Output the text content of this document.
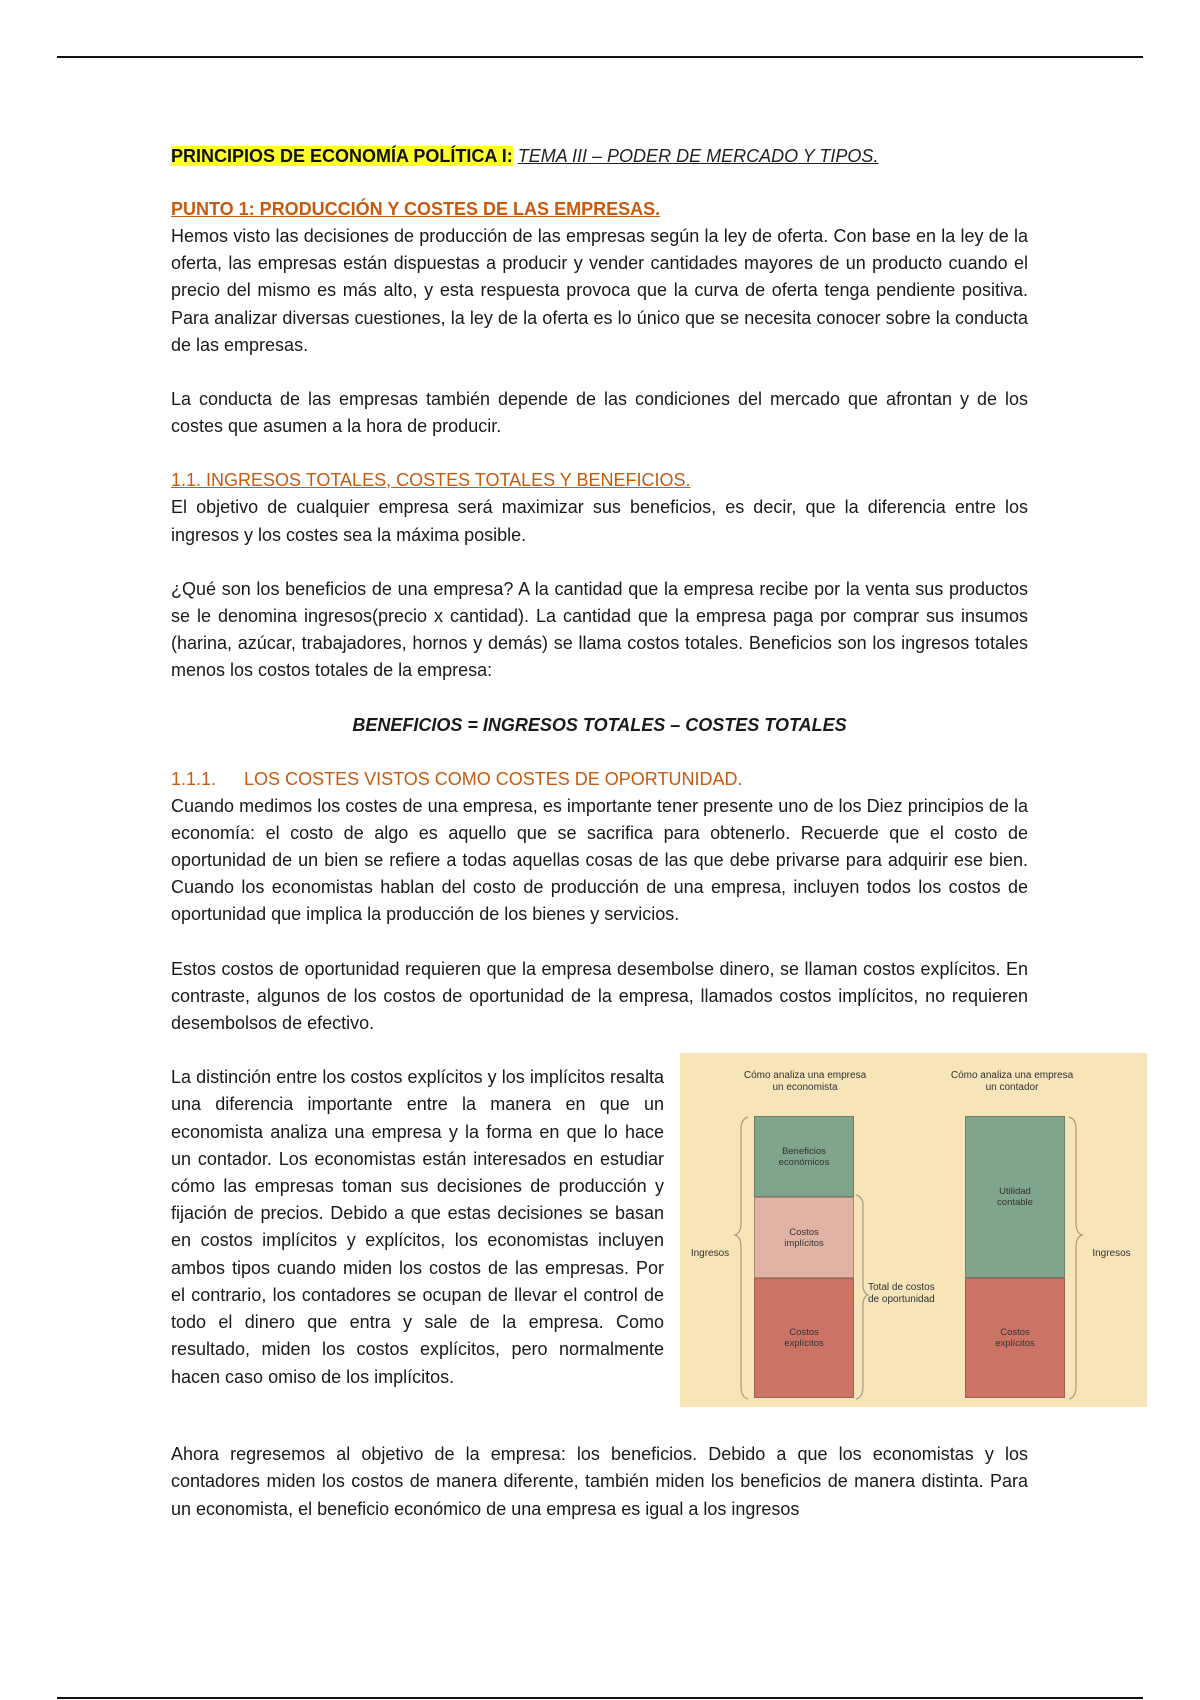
PRINCIPIOS DE ECONOMÍA POLÍTICA I: TEMA III – PODER DE MERCADO Y TIPOS.

PUNTO 1: PRODUCCIÓN Y COSTES DE LAS EMPRESAS.

Hemos visto las decisiones de producción de las empresas según la ley de oferta. Con base en la ley de la oferta, las empresas están dispuestas a producir y vender cantidades mayores de un producto cuando el precio del mismo es más alto, y esta respuesta provoca que la curva de oferta tenga pendiente positiva. Para analizar diversas cuestiones, la ley de la oferta es lo único que se necesita conocer sobre la conducta de las empresas.

La conducta de las empresas también depende de las condiciones del mercado que afrontan y de los costes que asumen a la hora de producir.

1.1. INGRESOS TOTALES, COSTES TOTALES Y BENEFICIOS.

El objetivo de cualquier empresa será maximizar sus beneficios, es decir, que la diferencia entre los ingresos y los costes sea la máxima posible.

¿Qué son los beneficios de una empresa? A la cantidad que la empresa recibe por la venta sus productos se le denomina ingresos(precio x cantidad). La cantidad que la empresa paga por comprar sus insumos (harina, azúcar, trabajadores, hornos y demás) se llama costos totales. Beneficios son los ingresos totales menos los costos totales de la empresa:

BENEFICIOS = INGRESOS TOTALES – COSTES TOTALES

1.1.1. LOS COSTES VISTOS COMO COSTES DE OPORTUNIDAD.

Cuando medimos los costes de una empresa, es importante tener presente uno de los Diez principios de la economía: el costo de algo es aquello que se sacrifica para obtenerlo. Recuerde que el costo de oportunidad de un bien se refiere a todas aquellas cosas de las que debe privarse para adquirir ese bien. Cuando los economistas hablan del costo de producción de una empresa, incluyen todos los costos de oportunidad que implica la producción de los bienes y servicios.

Estos costos de oportunidad requieren que la empresa desembolse dinero, se llaman costos explícitos. En contraste, algunos de los costos de oportunidad de la empresa, llamados costos implícitos, no requieren desembolsos de efectivo.

La distinción entre los costos explícitos y los implícitos resalta una diferencia importante entre la manera en que un economista analiza una empresa y la forma en que lo hace un contador. Los economistas están interesados en estudiar cómo las empresas toman sus decisiones de producción y fijación de precios. Debido a que estas decisiones se basan en costos implícitos y explícitos, los economistas incluyen ambos tipos cuando miden los costos de las empresas. Por el contrario, los contadores se ocupan de llevar el control de todo el dinero que entra y sale de la empresa. Como resultado, miden los costos explícitos, pero normalmente hacen caso omiso de los implícitos.

Cómo analiza una empresa
un economista
Cómo analiza una empresa
un contador
Beneficios
económicos
Costos
implícitos
Costos
explícitos
Utilidad
contable
Costos
explícitos
Ingresos	Ingresos
Total de costos
de oportunidad

Ahora regresemos al objetivo de la empresa: los beneficios. Debido a que los economistas y los contadores miden los costos de manera diferente, también miden los beneficios de manera distinta. Para un economista, el beneficio económico de una empresa es igual a los ingresos
